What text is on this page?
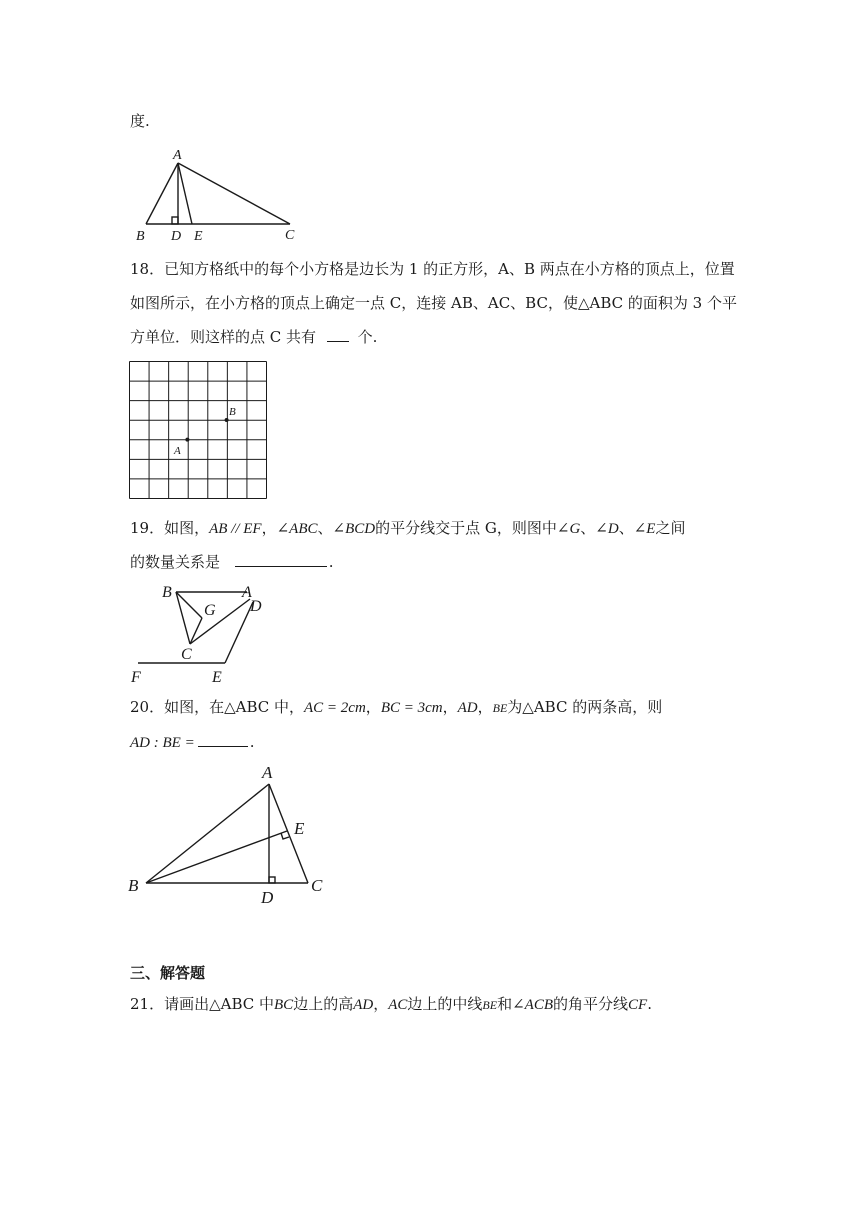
度.
A
B D E	C
18．已知方格纸中的每个小方格是边长为 1 的正方形，A、B 两点在小方格的顶点上，位置
如图所示，在小方格的顶点上确定一点 C，连接 AB、AC、BC，使△ABC 的面积为 3 个平
方单位．则这样的点 C 共有	个.
A
B
19．如图，AB // EF，∠ABC、∠BCD的平分线交于点 G，则图中∠G、∠D、∠E之间
的数量关系是	.
B	A
G D
C
F	E
20．如图，在△ABC 中，AC = 2cm，BC = 3cm，AD，BE为△ABC 的两条高，则
AD : BE =	.
A
E
B
D
C
三、解答题
21．请画出△ABC 中BC边上的高AD，AC边上的中线BE和∠ACB的角平分线CF.
